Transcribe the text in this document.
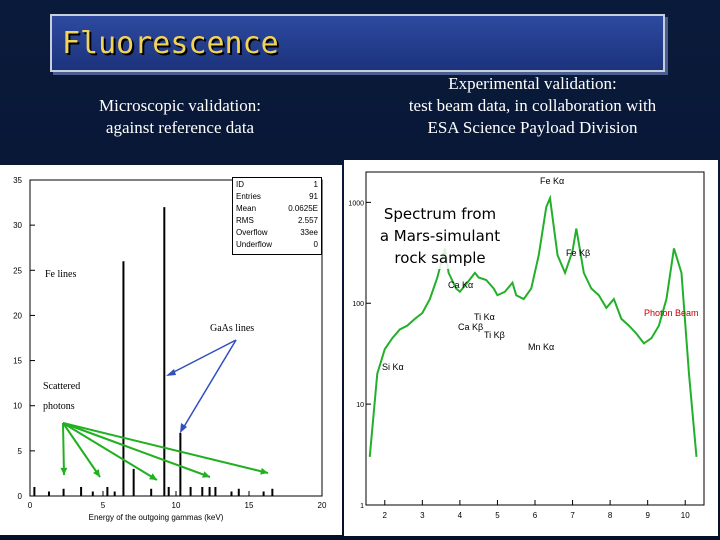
Fluorescence
Microscopic validation:
against reference data
Experimental validation:
test beam data, in collaboration with
ESA Science Payload Division
0
5
10
15
20
25
30
35
0	5	10	15	20
Energy of the outgoing gammas (keV)
ID	1
Entries	91
Mean	0.0625E
RMS	2.557
Overflow	33ee
Underflow	0
Fe lines
GaAs lines
Scattered
photons
1
10
100
1000
2	3	4	5	6	7	8	9	10
Fe Kα
Fe Kβ
Ca Kα
Ti Kα
Ca Kβ
Ti Kβ
Mn Kα
Si Kα
Photon Beam
Spectrum from
a Mars-simulant
rock sample
